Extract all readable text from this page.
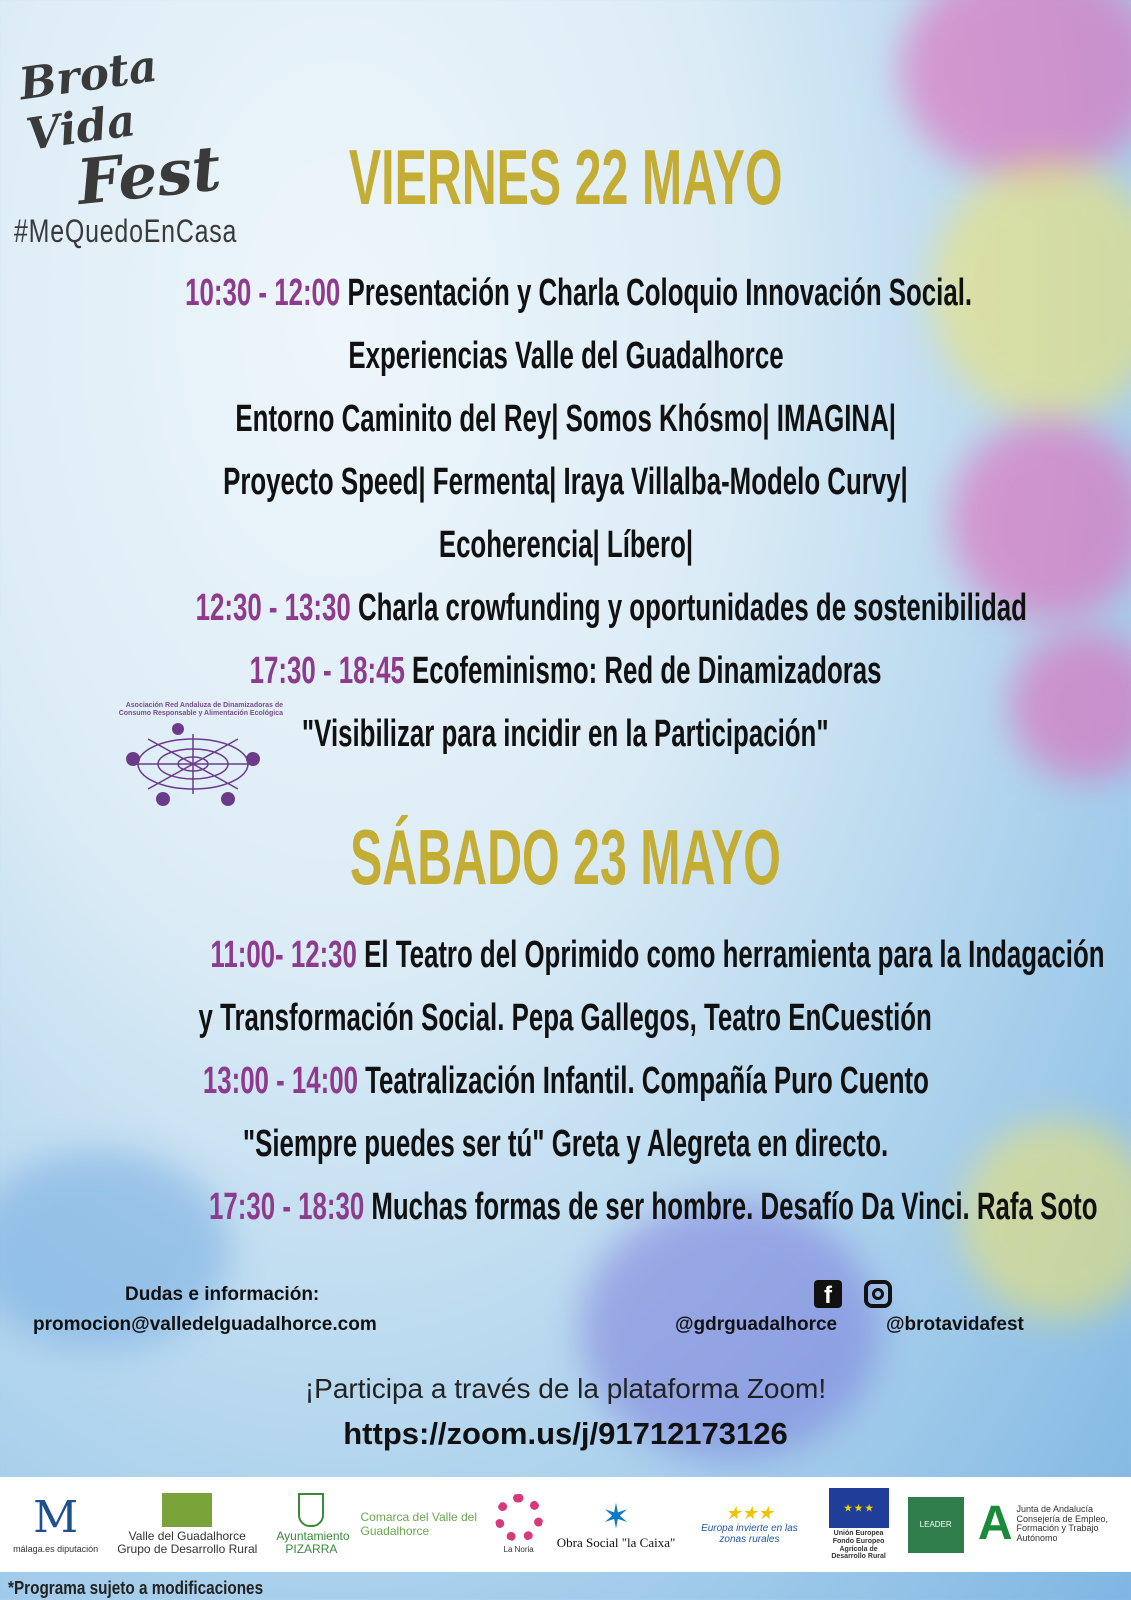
Brota Vida
Fest
#MeQuedoEnCasa
VIERNES 22 MAYO
10:30 - 12:00 Presentación y Charla Coloquio Innovación Social.
Experiencias Valle del Guadalhorce
Entorno Caminito del Rey| Somos Khósmo| IMAGINA|
Proyecto Speed| Fermenta| Iraya Villalba-Modelo Curvy|
Ecoherencia| Líbero|
12:30 - 13:30 Charla crowfunding y oportunidades de sostenibilidad
17:30 - 18:45 Ecofeminismo: Red de Dinamizadoras
"Visibilizar para incidir en la Participación"
Asociación Red Andaluza de Dinamizadoras de Consumo Responsable y Alimentación Ecológica
SÁBADO 23 MAYO
11:00- 12:30 El Teatro del Oprimido como herramienta para la Indagación
y Transformación Social. Pepa Gallegos, Teatro EnCuestión
13:00 - 14:00 Teatralización Infantil. Compañía Puro Cuento
"Siempre puedes ser tú" Greta y Alegreta en directo.
17:30 - 18:30 Muchas formas de ser hombre. Desafío Da Vinci. Rafa Soto
Dudas e información:
promocion@valledelguadalhorce.com
f
@gdrguadalhorce	@brotavidafest
¡Participa a través de la plataforma Zoom!
https://zoom.us/j/91712173126
M
málaga.es diputación
Valle del Guadalhorce Grupo de Desarrollo Rural
Ayuntamiento PIZARRA
Comarca del Valle del Guadalhorce
La Noria
✶
Obra Social "la Caixa"
★★★
Europa invierte en las zonas rurales
★ ★ ★
Unión Europea Fondo Europeo Agrícola de Desarrollo Rural
LEADER A Junta de Andalucía Consejería de Empleo, Formación y Trabajo Autónomo
*Programa sujeto a modificaciones
